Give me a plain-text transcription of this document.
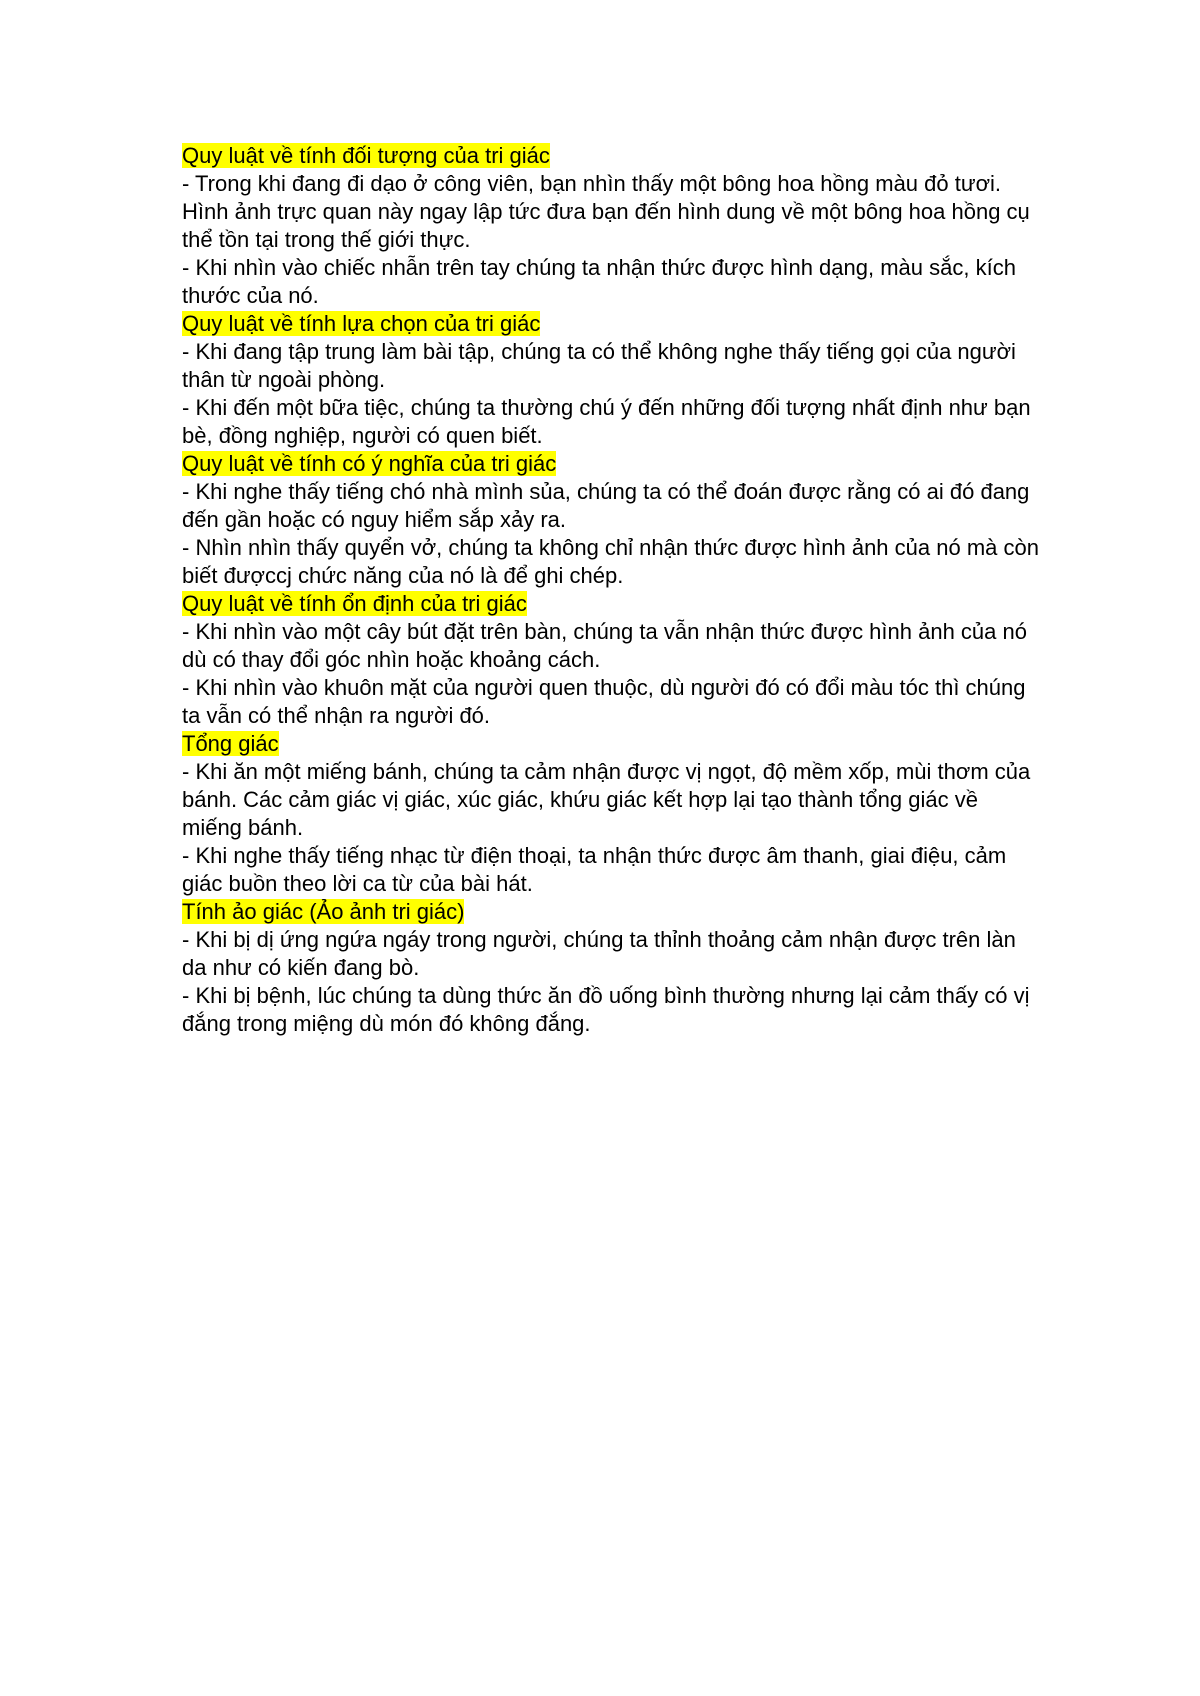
Quy luật về tính đối tượng của tri giác

- Trong khi đang đi dạo ở công viên, bạn nhìn thấy một bông hoa hồng màu đỏ tươi. Hình ảnh trực quan này ngay lập tức đưa bạn đến hình dung về một bông hoa hồng cụ thể tồn tại trong thế giới thực.

- Khi nhìn vào chiếc nhẫn trên tay chúng ta nhận thức được hình dạng, màu sắc, kích thước của nó.

Quy luật về tính lựa chọn của tri giác

- Khi đang tập trung làm bài tập, chúng ta có thể không nghe thấy tiếng gọi của người thân từ ngoài phòng.

- Khi đến một bữa tiệc, chúng ta thường chú ý đến những đối tượng nhất định như bạn bè, đồng nghiệp, người có quen biết.

Quy luật về tính có ý nghĩa của tri giác

- Khi nghe thấy tiếng chó nhà mình sủa, chúng ta có thể đoán được rằng có ai đó đang đến gần hoặc có nguy hiểm sắp xảy ra.

- Nhìn nhìn thấy quyển vở, chúng ta không chỉ nhận thức được hình ảnh của nó mà còn biết đượccj chức năng của nó là để ghi chép.

Quy luật về tính ổn định của tri giác

- Khi nhìn vào một cây bút đặt trên bàn, chúng ta vẫn nhận thức được hình ảnh của nó dù có thay đổi góc nhìn hoặc khoảng cách.

- Khi nhìn vào khuôn mặt của người quen thuộc, dù người đó có đổi màu tóc thì chúng ta vẫn có thể nhận ra người đó.

Tổng giác

- Khi ăn một miếng bánh, chúng ta cảm nhận được vị ngọt, độ mềm xốp, mùi thơm của bánh. Các cảm giác vị giác, xúc giác, khứu giác kết hợp lại tạo thành tổng giác về miếng bánh.

- Khi nghe thấy tiếng nhạc từ điện thoại, ta nhận thức được âm thanh, giai điệu, cảm giác buồn theo lời ca từ của bài hát.

Tính ảo giác (Ảo ảnh tri giác)

- Khi bị dị ứng ngứa ngáy trong người, chúng ta thỉnh thoảng cảm nhận được trên làn da như có kiến đang bò.

- Khi bị bệnh, lúc chúng ta dùng thức ăn đồ uống bình thường nhưng lại cảm thấy có vị đắng trong miệng dù món đó không đắng.
